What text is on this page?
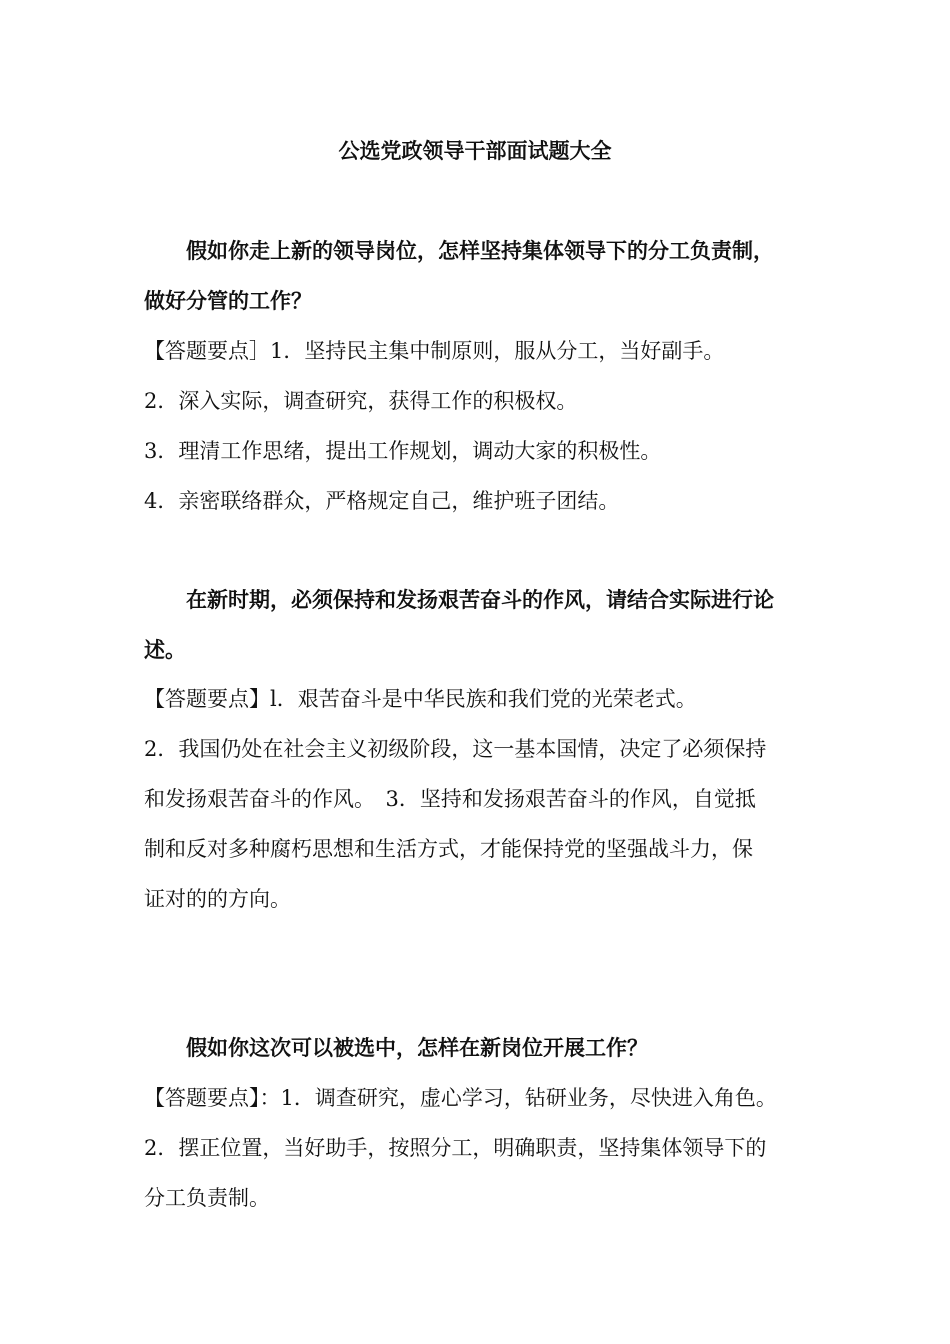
公选党政领导干部面试题大全
　　假如你走上新的领导岗位，怎样坚持集体领导下的分工负责制，
做好分管的工作？
【答题要点］1．坚持民主集中制原则，服从分工，当好副手。
2．深入实际，调查研究，获得工作的积极权。
3．理清工作思绪，提出工作规划，调动大家的积极性。
4．亲密联络群众，严格规定自己，维护班子团结。
　　在新时期，必须保持和发扬艰苦奋斗的作风，请结合实际进行论
述。
【答题要点】l．艰苦奋斗是中华民族和我们党的光荣老式。
2．我国仍处在社会主义初级阶段，这一基本国情，决定了必须保持
和发扬艰苦奋斗的作风。　3．坚持和发扬艰苦奋斗的作风，自觉抵
制和反对多种腐朽思想和生活方式，才能保持党的坚强战斗力，保
证对的的方向。
　　假如你这次可以被选中，怎样在新岗位开展工作？
【答题要点】：1．调查研究，虚心学习，钻研业务，尽快进入角色。
2．摆正位置，当好助手，按照分工，明确职责，坚持集体领导下的
分工负责制。
